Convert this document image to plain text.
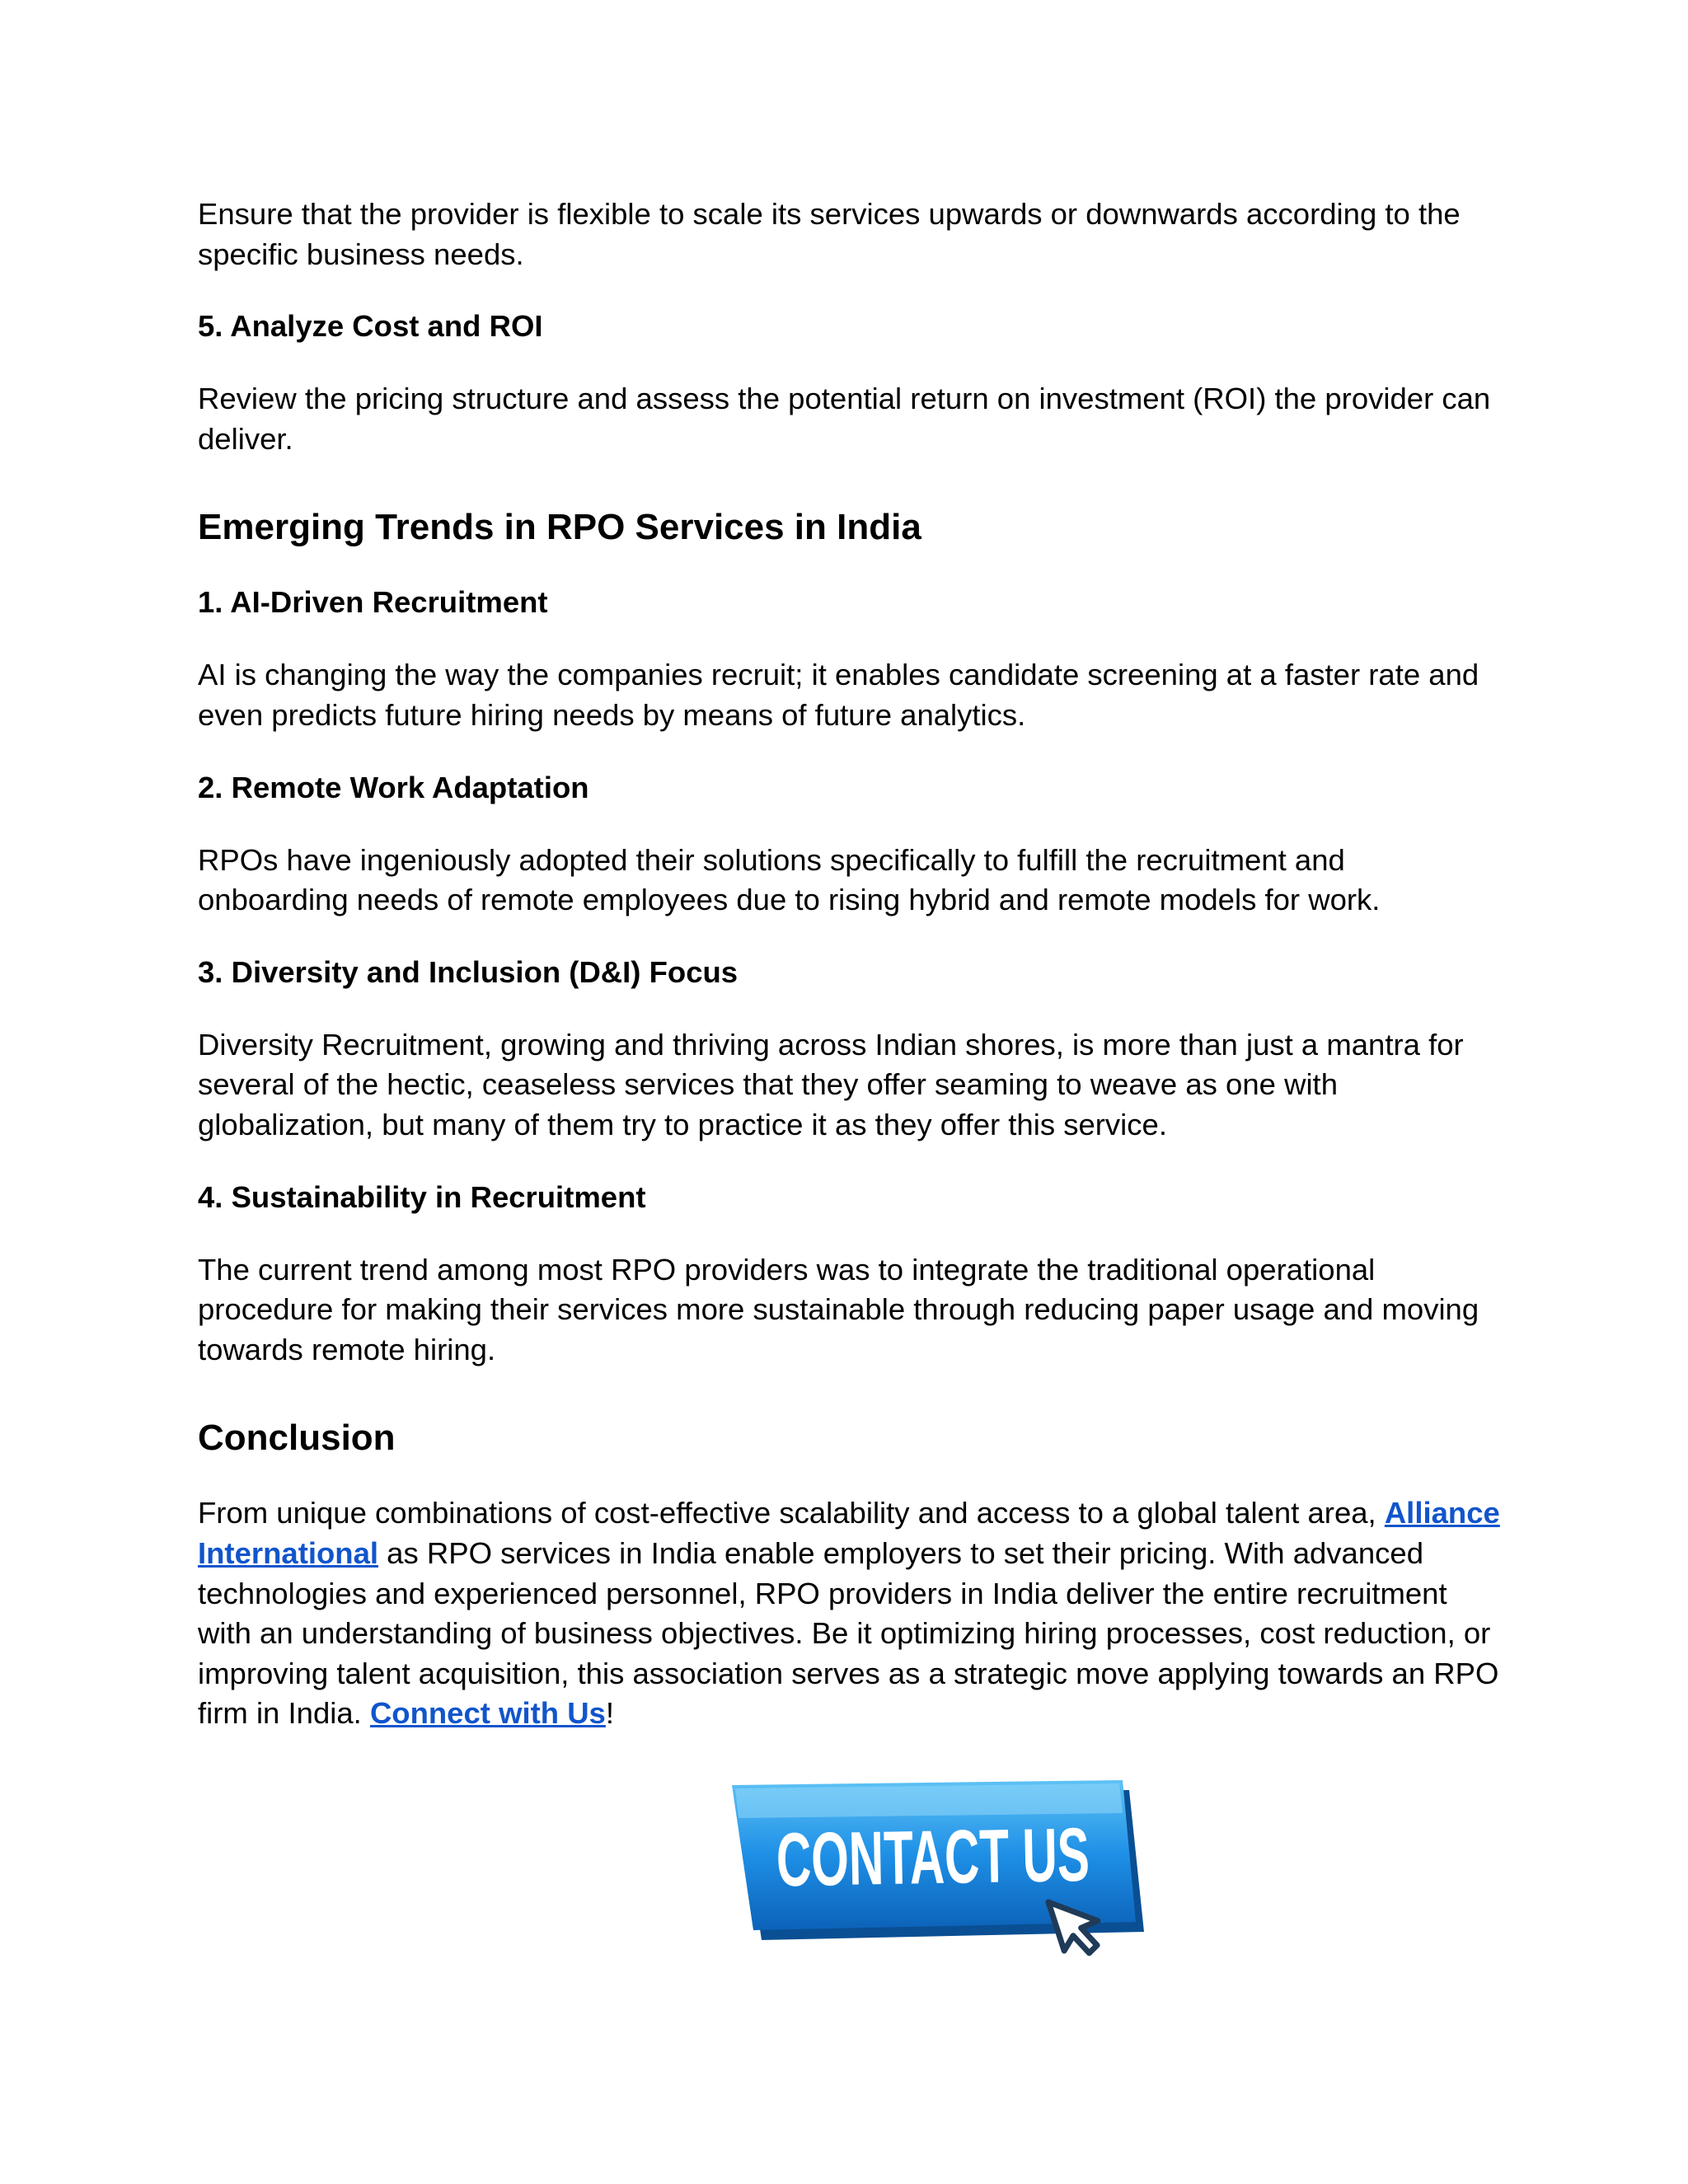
Ensure that the provider is flexible to scale its services upwards or downwards according to the specific business needs.

5. Analyze Cost and ROI

Review the pricing structure and assess the potential return on investment (ROI) the provider can deliver.

Emerging Trends in RPO Services in India
1. AI-Driven Recruitment

AI is changing the way the companies recruit; it enables candidate screening at a faster rate and even predicts future hiring needs by means of future analytics.

2. Remote Work Adaptation

RPOs have ingeniously adopted their solutions specifically to fulfill the recruitment and onboarding needs of remote employees due to rising hybrid and remote models for work.

3. Diversity and Inclusion (D&I) Focus

Diversity Recruitment, growing and thriving across Indian shores, is more than just a mantra for several of the hectic, ceaseless services that they offer seaming to weave as one with globalization, but many of them try to practice it as they offer this service.

4. Sustainability in Recruitment

The current trend among most RPO providers was to integrate the traditional operational procedure for making their services more sustainable through reducing paper usage and moving towards remote hiring.

Conclusion

From unique combinations of cost-effective scalability and access to a global talent area, Alliance International as RPO services in India enable employers to set their pricing. With advanced technologies and experienced personnel, RPO providers in India deliver the entire recruitment with an understanding of business objectives. Be it optimizing hiring processes, cost reduction, or improving talent acquisition, this association serves as a strategic move applying towards an RPO firm in India. Connect with Us!

CONTACT US
